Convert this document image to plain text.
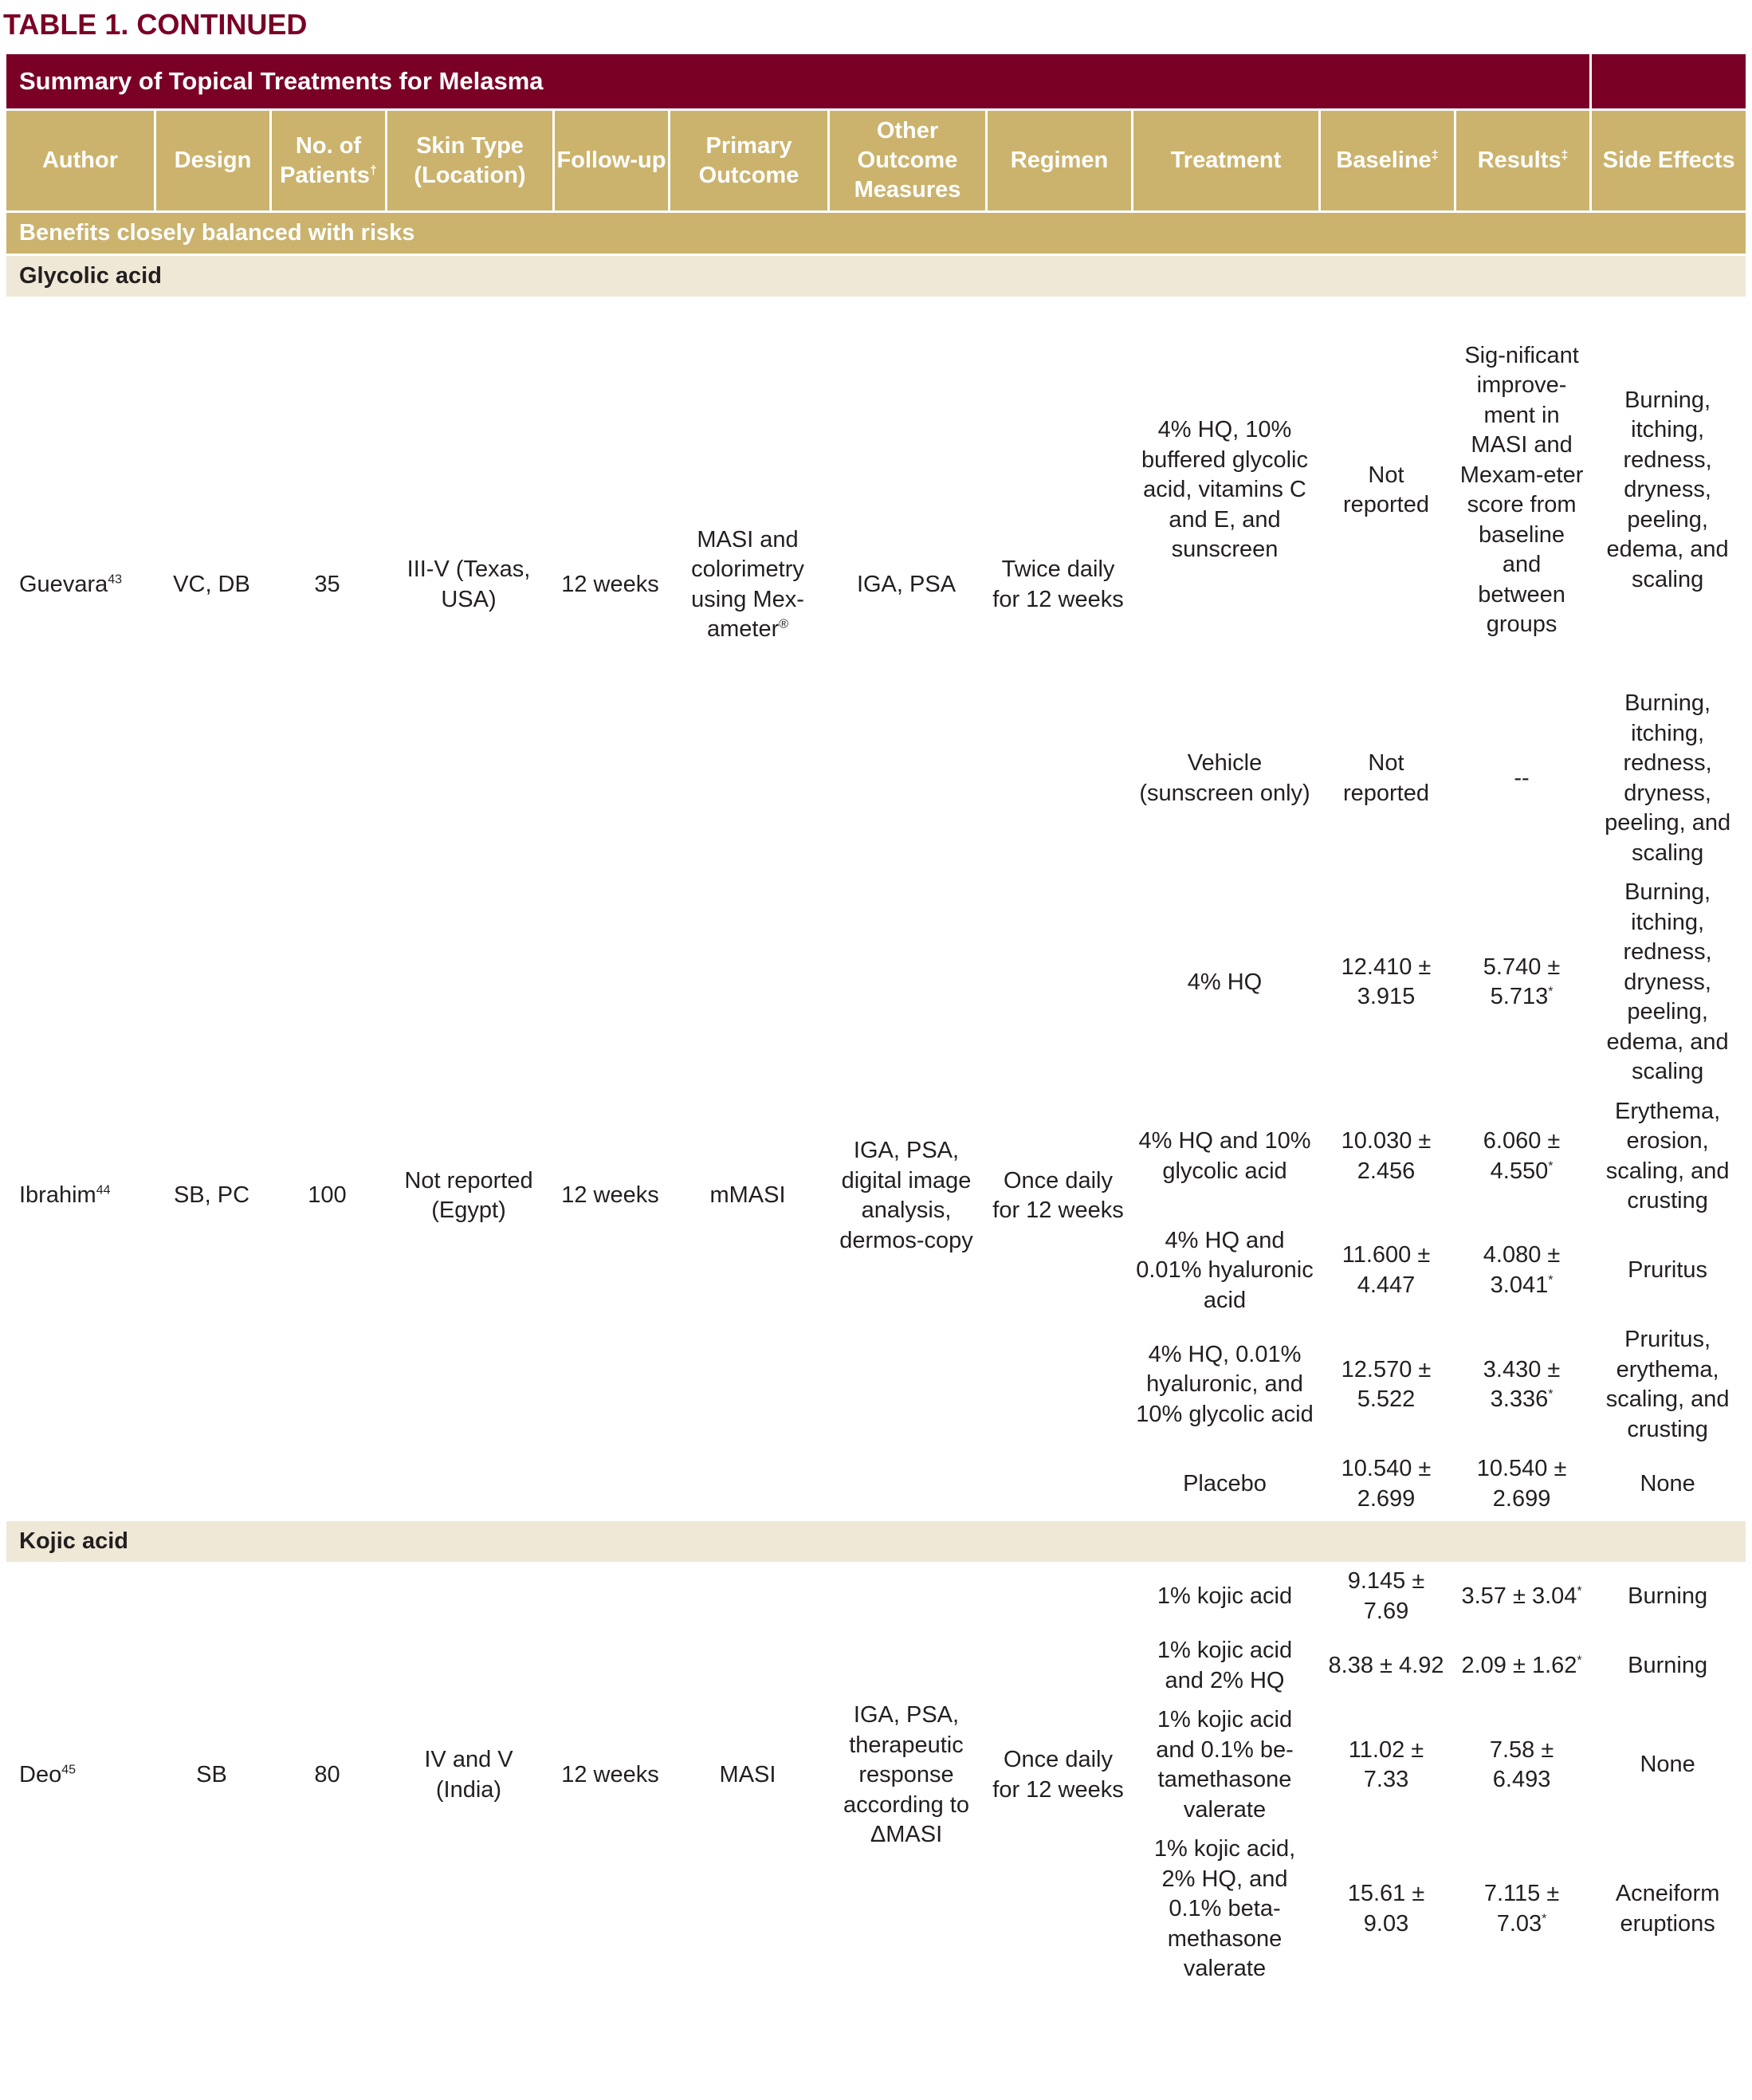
TABLE 1. CONTINUED
Summary of Topical Treatments for Melasma											
Author	Design	No. of Patients†	Skin Type (Location)	Follow-up	Primary Outcome	Other Outcome Measures	Regimen	Treatment	Baseline‡	Results‡	Side Effects
Benefits closely balanced with risks											
Glycolic acid											
Guevara$^{43}$	VC, DB	35	III-V (Texas, USA)	12 weeks	MASI and colorimetry using Mex-ameter®	IGA, PSA	Twice daily for 12 weeks	4% HQ, 10% buffered glycolic acid, vitamins C and E, and sunscreen	Not reported	Sig-nificant improve-ment in MASI and Mexam-eter score from baseline and between groups	Burning, itching, redness, dryness, peeling, edema, and scaling
								Vehicle (sunscreen only)	Not reported	--	Burning, itching, redness, dryness, peeling, and scaling
Ibrahim$^{44}$	SB, PC	100	Not reported (Egypt)	12 weeks	mMASI	IGA, PSA, digital image analysis, dermos-copy	Once daily for 12 weeks	4% HQ	12.410 ± 3.915	5.740 ± 5.713*	Burning, itching, redness, dryness, peeling, edema, and scaling
								4% HQ and 10% glycolic acid	10.030 ± 2.456	6.060 ± 4.550*	Erythema, erosion, scaling, and crusting
								4% HQ and 0.01% hyaluronic acid	11.600 ± 4.447	4.080 ± 3.041*	Pruritus
								4% HQ, 0.01% hyaluronic, and 10% glycolic acid	12.570 ± 5.522	3.430 ± 3.336*	Pruritus, erythema, scaling, and crusting
								Placebo	10.540 ± 2.699	10.540 ± 2.699	None
Kojic acid											
Deo$^{45}$	SB	80	IV and V (India)	12 weeks	MASI	IGA, PSA, therapeutic response according to ΔMASI	Once daily for 12 weeks	1% kojic acid	9.145 ± 7.69	3.57 ± 3.04*	Burning
								1% kojic acid and 2% HQ	8.38 ± 4.92	2.09 ± 1.62*	Burning
								1% kojic acid and 0.1% be-tamethasone valerate	11.02 ± 7.33	7.58 ± 6.493	None
								1% kojic acid, 2% HQ, and 0.1% beta-methasone valerate	15.61 ± 9.03	7.115 ± 7.03*	Acneiform eruptions
